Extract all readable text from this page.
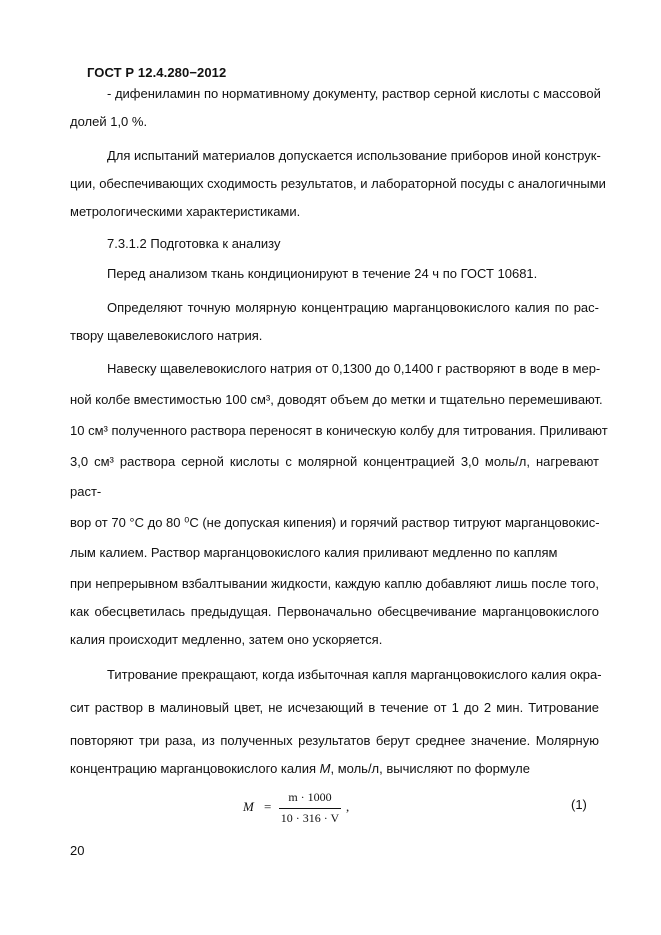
ГОСТ Р 12.4.280−2012
- дифениламин по нормативному документу, раствор серной кислоты с массовой
долей 1,0 %.
Для испытаний материалов допускается использование приборов иной конструк-
ции, обеспечивающих сходимость результатов, и лабораторной посуды с аналогичными
метрологическими характеристиками.
7.3.1.2 Подготовка к анализу
Перед анализом ткань кондиционируют в течение 24 ч по ГОСТ 10681.
Определяют точную молярную концентрацию марганцовокислого калия по рас-
твору щавелевокислого натрия.
Навеску щавелевокислого натрия от 0,1300 до 0,1400 г растворяют в воде в мер-
ной колбе вместимостью 100 см³, доводят объем до метки и тщательно перемешивают.
10 см³ полученного раствора переносят в коническую колбу для титрования. Приливают
3,0 см³ раствора серной кислоты с молярной концентрацией 3,0 моль/л, нагревают
раст-
вор от 70 °С до 80 ⁰С (не допуская кипения) и горячий раствор титруют марганцовокис-
лым калием. Раствор марганцовокислого калия приливают медленно по каплям
при непрерывном взбалтывании жидкости, каждую каплю добавляют лишь после того,
как обесцветилась предыдущая. Первоначально обесцвечивание марганцовокислого
калия происходит медленно, затем оно ускоряется.
Титрование прекращают, когда избыточная капля марганцовокислого калия окра-
сит раствор в малиновый цвет, не исчезающий в течение от 1 до 2 мин. Титрование
повторяют три раза, из полученных результатов берут среднее значение. Молярную
концентрацию марганцовокислого калия M, моль/л, вычисляют по формуле
M =
m · 1000
10 · 316 · V
,	(1)
20
